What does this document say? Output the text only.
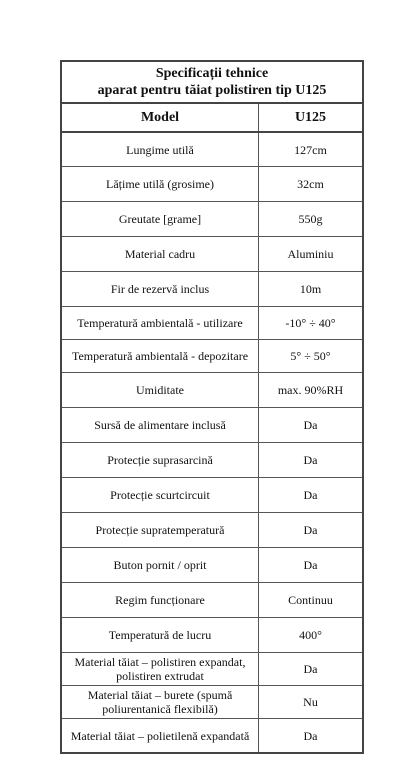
Specificații tehnice
aparat pentru tăiat polistiren tip U125
Model	U125
Lungime utilă	127cm
Lățime utilă (grosime)	32cm
Greutate [grame]	550g
Material cadru	Aluminiu
Fir de rezervă inclus	10m
Temperatură ambientală - utilizare	-10° ÷ 40°
Temperatură ambientală - depozitare	5° ÷ 50°
Umiditate	max. 90%RH
Sursă de alimentare inclusă	Da
Protecție suprasarcină	Da
Protecție scurtcircuit	Da
Protecție supratemperatură	Da
Buton pornit / oprit	Da
Regim funcționare	Continuu
Temperatură de lucru	400°
Material tăiat – polistiren expandat, polistiren extrudat	Da
Material tăiat – burete (spumă poliurentanică flexibilă)	Nu
Material tăiat – polietilenă expandată	Da
